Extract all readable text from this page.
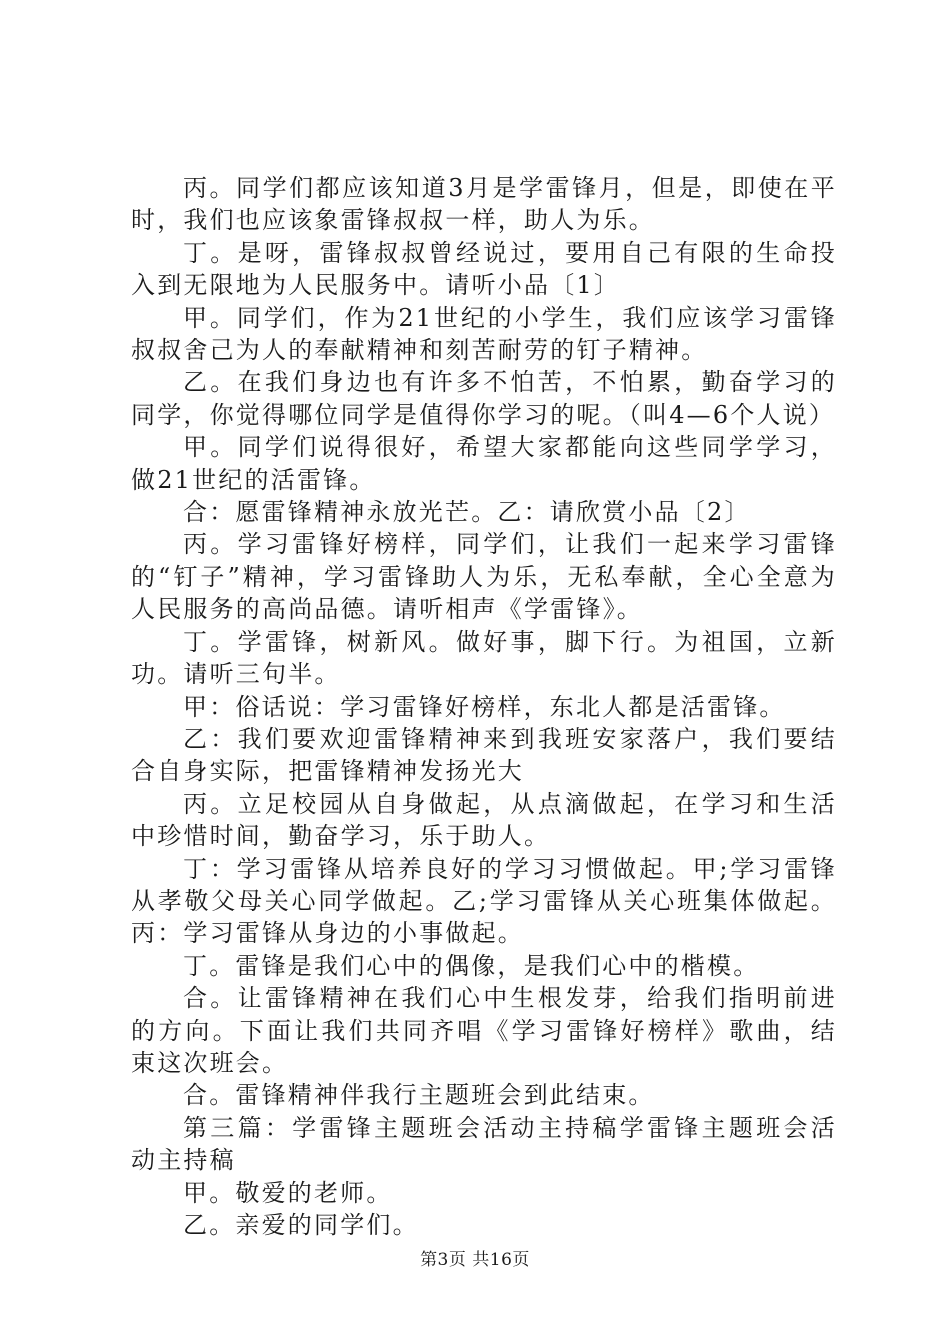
丙。同学们都应该知道3月是学雷锋月，但是，即使在平时，我们也应该象雷锋叔叔一样，助人为乐。

丁。是呀，雷锋叔叔曾经说过，要用自己有限的生命投入到无限地为人民服务中。请听小品〔1〕

甲。同学们，作为21世纪的小学生，我们应该学习雷锋叔叔舍己为人的奉献精神和刻苦耐劳的钉子精神。

乙。在我们身边也有许多不怕苦，不怕累，勤奋学习的同学，你觉得哪位同学是值得你学习的呢。（叫4—6个人说）

甲。同学们说得很好，希望大家都能向这些同学学习，做21世纪的活雷锋。

合：愿雷锋精神永放光芒。乙：请欣赏小品〔2〕

丙。学习雷锋好榜样，同学们，让我们一起来学习雷锋的“钉子”精神，学习雷锋助人为乐，无私奉献，全心全意为人民服务的高尚品德。请听相声《学雷锋》。

丁。学雷锋，树新风。做好事，脚下行。为祖国，立新功。请听三句半。

甲：俗话说：学习雷锋好榜样，东北人都是活雷锋。

乙：我们要欢迎雷锋精神来到我班安家落户，我们要结合自身实际，把雷锋精神发扬光大

丙。立足校园从自身做起，从点滴做起，在学习和生活中珍惜时间，勤奋学习，乐于助人。

丁：学习雷锋从培养良好的学习习惯做起。甲;学习雷锋从孝敬父母关心同学做起。乙;学习雷锋从关心班集体做起。丙：学习雷锋从身边的小事做起。

丁。雷锋是我们心中的偶像，是我们心中的楷模。

合。让雷锋精神在我们心中生根发芽，给我们指明前进的方向。下面让我们共同齐唱《学习雷锋好榜样》歌曲，结束这次班会。

合。雷锋精神伴我行主题班会到此结束。

第三篇：学雷锋主题班会活动主持稿学雷锋主题班会活动主持稿

甲。敬爱的老师。

乙。亲爱的同学们。

第3页 共16页
